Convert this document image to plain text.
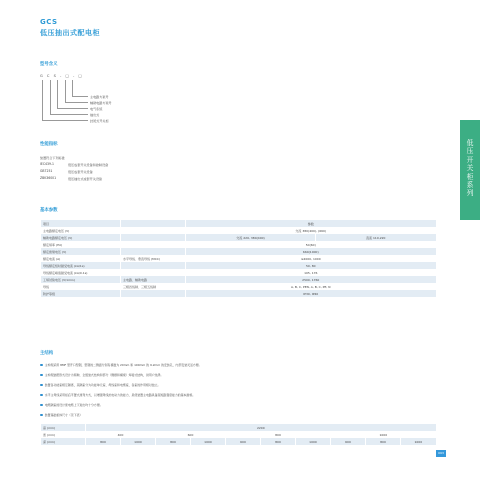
GCS
低压抽出式配电柜
型号含义
G C S - □ - □
主电路方案号
辅助电路方案号
电气系统
抽出式
封闭式开关柜
性能指标
装置符合下列标准
IEC439-1	低压成套开关设备和控制设备
GB7251	低压成套开关设备
ZBK36001	低压抽出式成套开关设备
基本参数
项目		参数	
主电路额定电压 (V)		交流 380(400), (660)	
辅助电路额定电压 (V)		交流 220, 380(400)	直流 110,220
额定频率 (Hz)		50(60)	
额定绝缘电压 (V)		660(1000)	
额定电流 (A)	水平母线、垂直母线 (MCC)	≤4000, 1000	
母线额定短时耐受电流 (kA/1s)		50, 80	
母线额定峰值耐受电流 (kA/0.1s)		105, 176	
工频试验电压 (V/1min)	主电路、辅助电路	2500, 1760	
母线	三相四线制、三相五线制	A, B, C, PEN, A, B, C, PE, N	
防护等级		IP30, IP40	
主结构
主构架采用 8MF 型开口型钢，型钢的二侧面分别有模数为 20mm 和 100mm 的 9.2mm 的安装孔，内部安装灵活方便。
主构架装配形式设计为两种，全组装式结构和部分（侧框和横梁）焊接式结构，供用户选择。
装置各功能室相互隔离，其隔室分为功能单元室、母线室和电缆室，各室的作用相对独立。
水平主母线采用柜后平置式排列方式，以增强母线抗电动力的能力，是使装置主电路具备高短路强度能力的基本措施。
电缆隔室的设计使电缆上下进出均十分方便。
装置基础柜体尺寸（见下表）
高 (mm)	2200									
宽 (mm)	400		600		800			1000		
深 (mm)	800	1000	800	1000	600	800	1000	600	800	1000
低压开关柜系列
093
